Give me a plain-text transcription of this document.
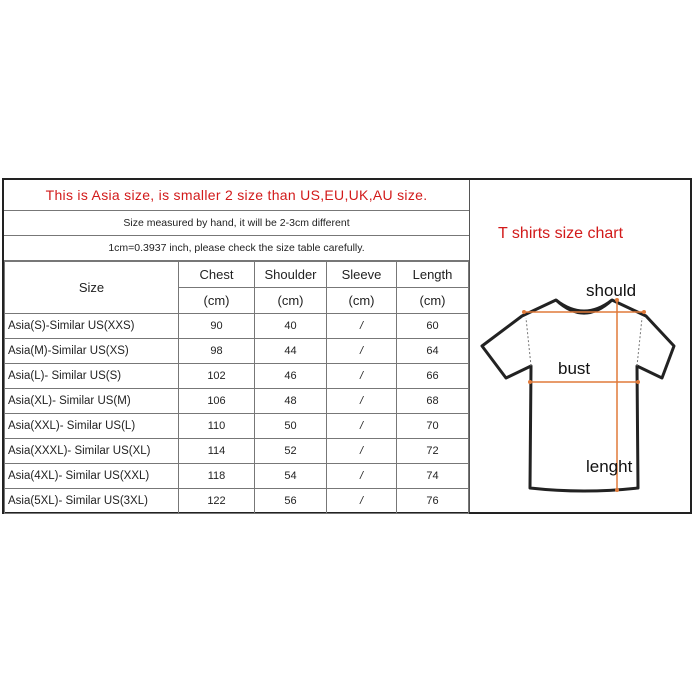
This is Asia size, is smaller 2 size than US,EU,UK,AU size.
Size measured by hand, it will be 2-3cm different
1cm=0.3937 inch, please check the size table carefully.
Size	Chest	Shoulder	Sleeve	Length
	(cm)	(cm)	(cm)	(cm)
Asia(S)-Similar US(XXS)	90	40	/	60
Asia(M)-Similar US(XS)	98	44	/	64
Asia(L)- Similar US(S)	102	46	/	66
Asia(XL)- Similar US(M)	106	48	/	68
Asia(XXL)- Similar US(L)	110	50	/	70
Asia(XXXL)- Similar US(XL)	114	52	/	72
Asia(4XL)- Similar US(XXL)	118	54	/	74
Asia(5XL)- Similar US(3XL)	122	56	/	76
T shirts size chart
should
bust
lenght
